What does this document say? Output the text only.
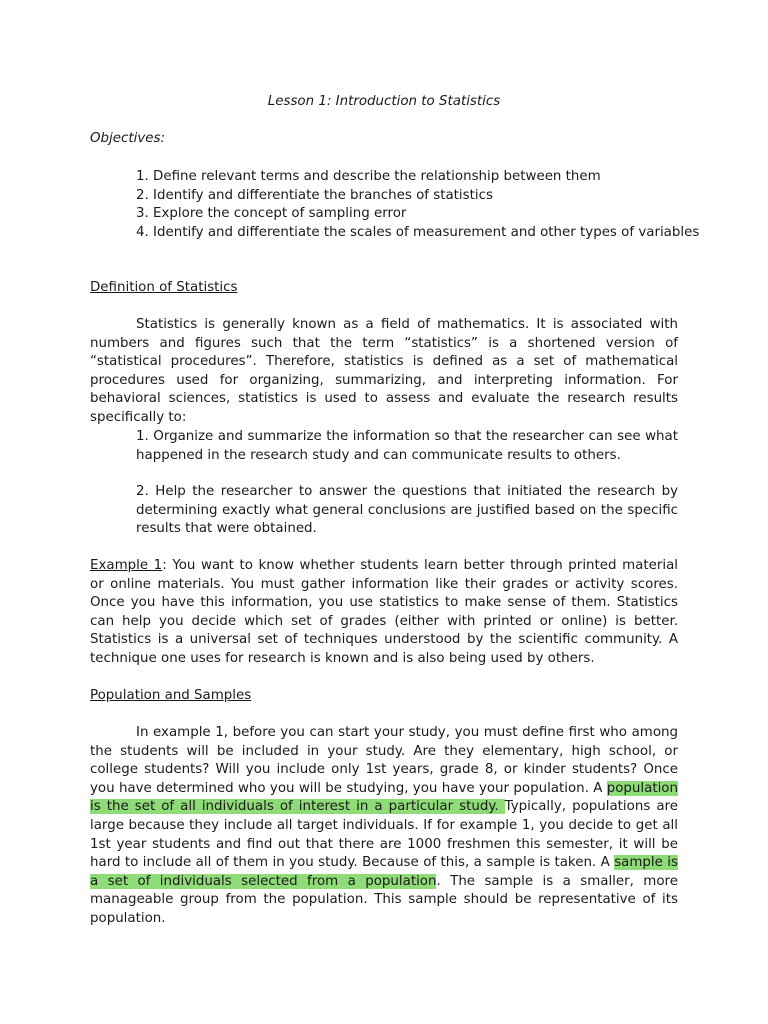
Lesson 1: Introduction to Statistics
Objectives:
1. Define relevant terms and describe the relationship between them
2. Identify and differentiate the branches of statistics
3. Explore the concept of sampling error
4. Identify and differentiate the scales of measurement and other types of variables
Definition of Statistics
Statistics is generally known as a field of mathematics. It is associated with numbers and figures such that the term “statistics” is a shortened version of “statistical procedures”. Therefore, statistics is defined as a set of mathematical procedures used for organizing, summarizing, and interpreting information. For behavioral sciences, statistics is used to assess and evaluate the research results specifically to:
1. Organize and summarize the information so that the researcher can see what happened in the research study and can communicate results to others.
2. Help the researcher to answer the questions that initiated the research by determining exactly what general conclusions are justified based on the specific results that were obtained.
Example 1: You want to know whether students learn better through printed material or online materials. You must gather information like their grades or activity scores. Once you have this information, you use statistics to make sense of them. Statistics can help you decide which set of grades (either with printed or online) is better. Statistics is a universal set of techniques understood by the scientific community. A technique one uses for research is known and is also being used by others.
Population and Samples
In example 1, before you can start your study, you must define first who among the students will be included in your study. Are they elementary, high school, or college students? Will you include only 1st years, grade 8, or kinder students? Once you have determined who you will be studying, you have your population. A population is the set of all individuals of interest in a particular study. Typically, populations are large because they include all target individuals. If for example 1, you decide to get all 1st year students and find out that there are 1000 freshmen this semester, it will be hard to include all of them in you study. Because of this, a sample is taken. A sample is a set of individuals selected from a population. The sample is a smaller, more manageable group from the population. This sample should be representative of its population.
